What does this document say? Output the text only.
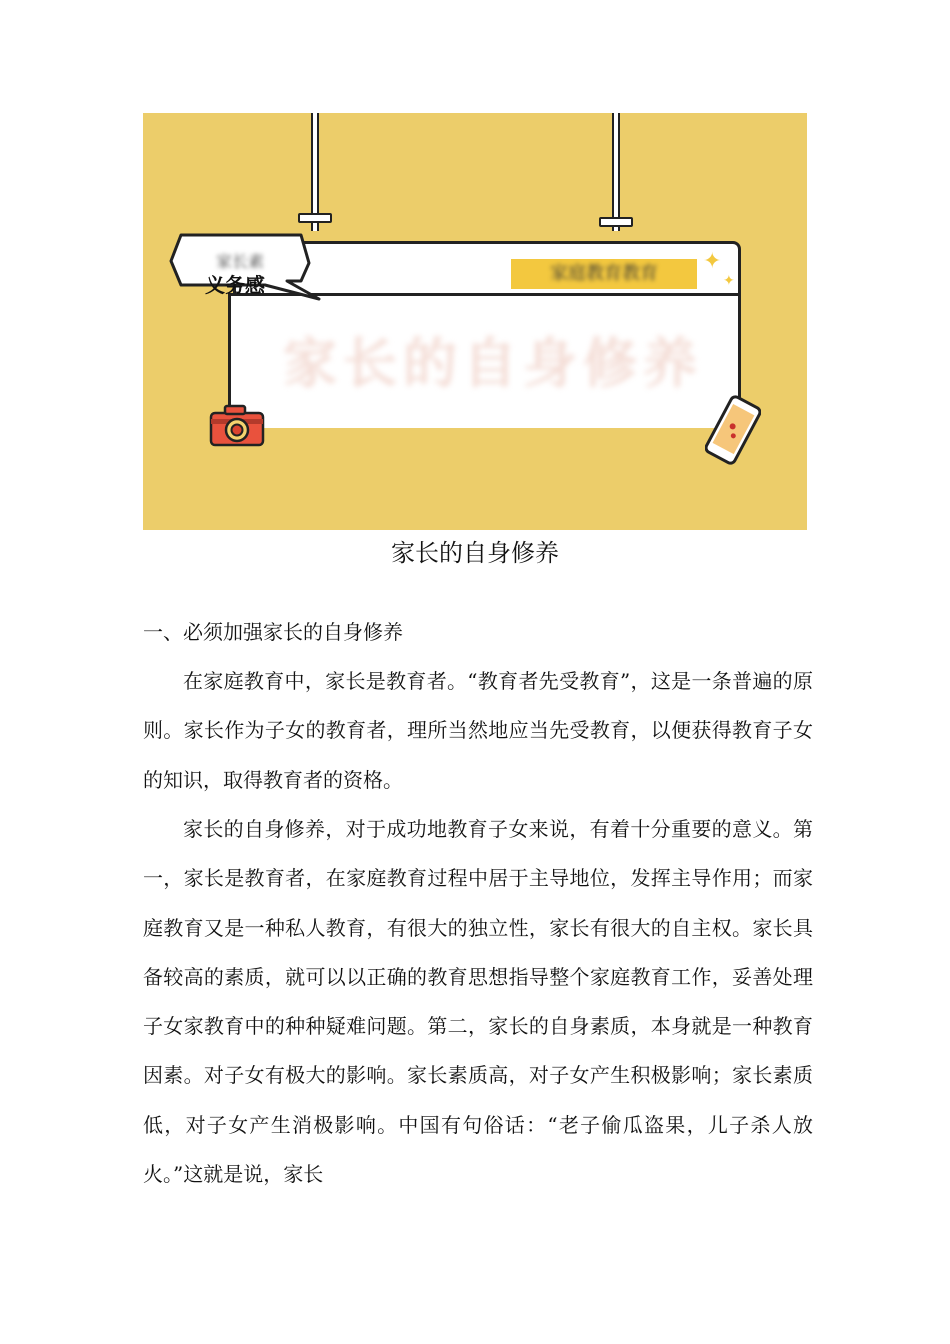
家庭教育教育
家长的自身修养
家长素
义务感
✦
✦
家长的自身修养
一、必须加强家长的自身修养

在家庭教育中，家长是教育者。“教育者先受教育”，这是一条普遍的原则。家长作为子女的教育者，理所当然地应当先受教育，以便获得教育子女的知识，取得教育者的资格。

家长的自身修养，对于成功地教育子女来说，有着十分重要的意义。第一，家长是教育者，在家庭教育过程中居于主导地位，发挥主导作用；而家庭教育又是一种私人教育，有很大的独立性，家长有很大的自主权。家长具备较高的素质，就可以以正确的教育思想指导整个家庭教育工作，妥善处理子女家教育中的种种疑难问题。第二，家长的自身素质，本身就是一种教育因素。对子女有极大的影响。家长素质高，对子女产生积极影响；家长素质低，对子女产生消极影响。中国有句俗话：“老子偷瓜盗果，儿子杀人放火。”这就是说，家长
